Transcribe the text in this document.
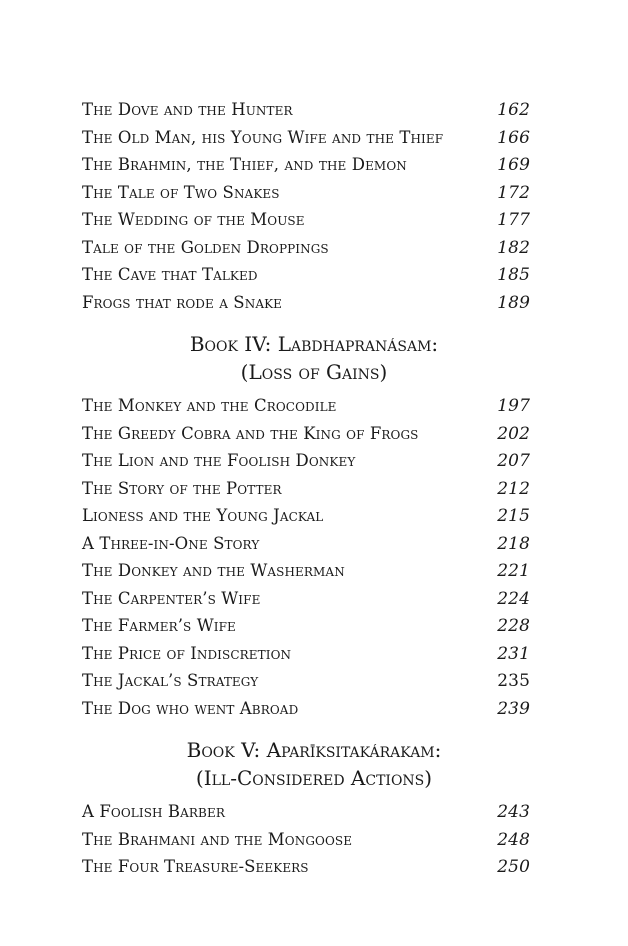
The Dove and the Hunter	162
The Old Man, his Young Wife and the Thief	166
The Brahmin, the Thief, and the Demon	169
The Tale of Two Snakes	172
The Wedding of the Mouse	177
Tale of the Golden Droppings	182
The Cave that Talked	185
Frogs that rode a Snake	189
Book IV: Labdhapranásam:
(Loss of Gains)
The Monkey and the Crocodile	197
The Greedy Cobra and the King of Frogs	202
The Lion and the Foolish Donkey	207
The Story of the Potter	212
Lioness and the Young Jackal	215
A Three-in-One Story	218
The Donkey and the Washerman	221
The Carpenter’s Wife	224
The Farmer’s Wife	228
The Price of Indiscretion	231
The Jackal’s Strategy	235
The Dog who went Abroad	239
Book V: Aparīksitakárakam:
(Ill-Considered Actions)
A Foolish Barber	243
The Brahmani and the Mongoose	248
The Four Treasure-Seekers	250
